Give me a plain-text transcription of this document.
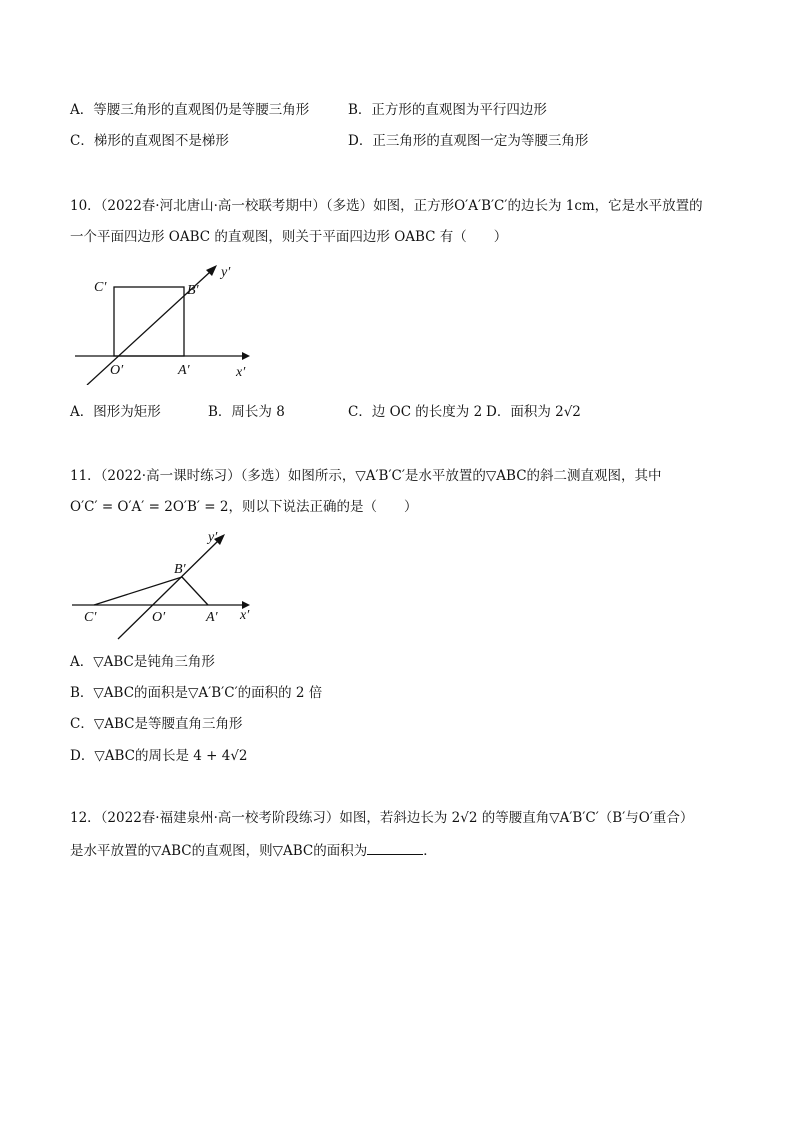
A．等腰三角形的直观图仍是等腰三角形	B．正方形的直观图为平行四边形
C．梯形的直观图不是梯形	D．正三角形的直观图一定为等腰三角形
10．（2022春·河北唐山·高一校联考期中）（多选）如图，正方形O′A′B′C′的边长为 1cm，它是水平放置的
一个平面四边形 OABC 的直观图，则关于平面四边形 OABC 有（　　）
y′
x′
C′	B′
O′	A′
A．图形为矩形	B．周长为 8	C．边 OC 的长度为 2 D．面积为 2√2
11．（2022·高一课时练习）（多选）如图所示，▽A′B′C′是水平放置的▽ABC的斜二测直观图，其中
O′C′ = O′A′ = 2O′B′ = 2，则以下说法正确的是（　　）
y′
x′
B′
C′	O′	A′
A．▽ABC是钝角三角形
B．▽ABC的面积是▽A′B′C′的面积的 2 倍
C．▽ABC是等腰直角三角形
D．▽ABC的周长是 4 + 4√2
12．（2022春·福建泉州·高一校考阶段练习）如图，若斜边长为 2√2 的等腰直角▽A′B′C′（B′与O′重合）
是水平放置的▽ABC的直观图，则▽ABC的面积为	．
